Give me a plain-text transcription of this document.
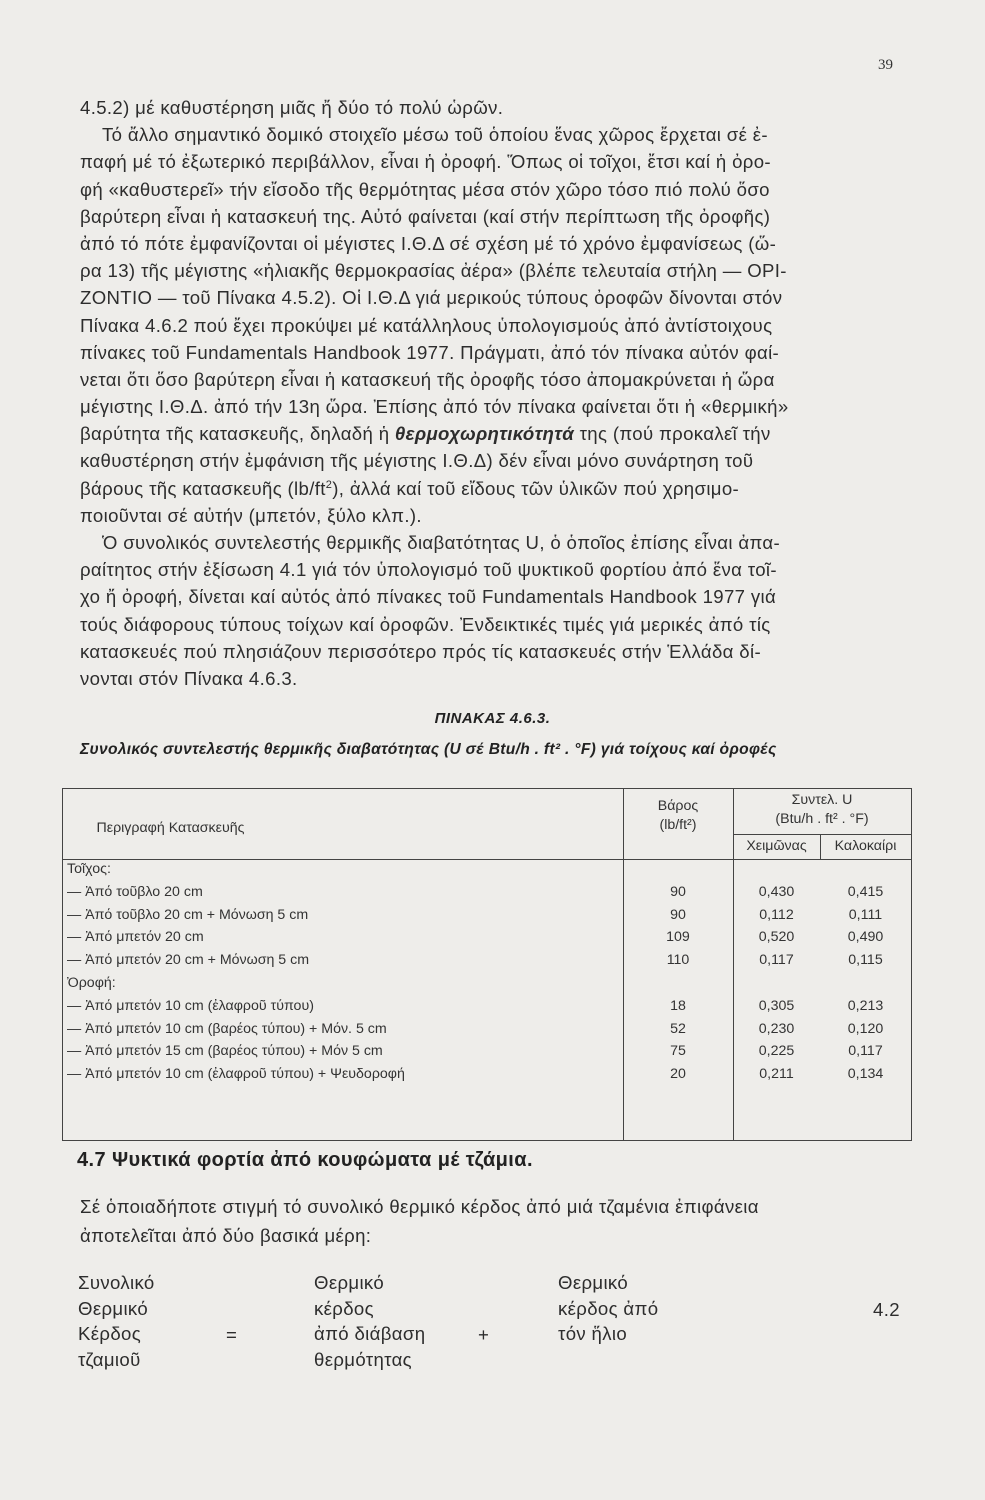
39
4.5.2) μέ καθυστέρηση μιᾶς ἤ δύο τό πολύ ὡρῶν.
Τό ἄλλο σημαντικό δομικό στοιχεῖο μέσω τοῦ ὁποίου ἕνας χῶρος ἔρχεται σέ ἐ-
παφή μέ τό ἐξωτερικό περιβάλλον, εἶναι ἡ ὀροφή. Ὅπως οἱ τοῖχοι, ἔτσι καί ἡ ὀρο-
φή «καθυστερεῖ» τήν εἴσοδο τῆς θερμότητας μέσα στόν χῶρο τόσο πιό πολύ ὅσο
βαρύτερη εἶναι ἡ κατασκευή της. Αὐτό φαίνεται (καί στήν περίπτωση τῆς ὀροφῆς)
ἀπό τό πότε ἐμφανίζονται οἱ μέγιστες Ι.Θ.Δ σέ σχέση μέ τό χρόνο ἐμφανίσεως (ὥ-
ρα 13) τῆς μέγιστης «ἡλιακῆς θερμοκρασίας ἀέρα» (βλέπε τελευταία στήλη — ΟΡΙ-
ΖΟΝΤΙΟ — τοῦ Πίνακα 4.5.2). Οἱ Ι.Θ.Δ γιά μερικούς τύπους ὀροφῶν δίνονται στόν
Πίνακα 4.6.2 πού ἔχει προκύψει μέ κατάλληλους ὑπολογισμούς ἀπό ἀντίστοιχους
πίνακες τοῦ Fundamentals Handbook 1977. Πράγματι, ἀπό τόν πίνακα αὐτόν φαί-
νεται ὅτι ὅσο βαρύτερη εἶναι ἡ κατασκευή τῆς ὀροφῆς τόσο ἀπομακρύνεται ἡ ὥρα
μέγιστης Ι.Θ.Δ. ἀπό τήν 13η ὥρα. Ἐπίσης ἀπό τόν πίνακα φαίνεται ὅτι ἡ «θερμική»
βαρύτητα τῆς κατασκευῆς, δηλαδή ἡ θερμοχωρητικότητά της (πού προκαλεῖ τήν
καθυστέρηση στήν ἐμφάνιση τῆς μέγιστης Ι.Θ.Δ) δέν εἶναι μόνο συνάρτηση τοῦ
βάρους τῆς κατασκευῆς $(lb/ft^2)$, ἀλλά καί τοῦ εἴδους τῶν ὑλικῶν πού χρησιμο-
ποιοῦνται σέ αὐτήν (μπετόν, ξύλο κλπ.).
Ὁ συνολικός συντελεστής θερμικῆς διαβατότητας U, ὁ ὁποῖος ἐπίσης εἶναι ἀπα-
ραίτητος στήν ἐξίσωση 4.1 γιά τόν ὑπολογισμό τοῦ ψυκτικοῦ φορτίου ἀπό ἕνα τοῖ-
χο ἤ ὀροφή, δίνεται καί αὐτός ἀπό πίνακες τοῦ Fundamentals Handbook 1977 γιά
τούς διάφορους τύπους τοίχων καί ὀροφῶν. Ἐνδεικτικές τιμές γιά μερικές ἀπό τίς
κατασκευές πού πλησιάζουν περισσότερο πρός τίς κατασκευές στήν Ἑλλάδα δί-
νονται στόν Πίνακα 4.6.3.
ΠΙΝΑΚΑΣ 4.6.3.
Συνολικός συντελεστής θερμικῆς διαβατότητας (U σέ Btu/h . ft² . °F) γιά τοίχους καί ὀροφές
Περιγραφή Κατασκευῆς
Βάρος
(lb/ft²)
Συντελ. U
(Btu/h . ft² . °F)
Χειμῶνας	Καλοκαίρι
Τοῖχος:
— Ἀπό τοῦβλο 20 cm	90	0,430	0,415
— Ἀπό τοῦβλο 20 cm + Μόνωση 5 cm	90	0,112	0,111
— Ἀπό μπετόν 20 cm	109	0,520	0,490
— Ἀπό μπετόν 20 cm + Μόνωση 5 cm	110	0,117	0,115
Ὀροφή:
— Ἀπό μπετόν 10 cm (ἐλαφροῦ τύπου)	18	0,305	0,213
— Ἀπό μπετόν 10 cm (βαρέος τύπου) + Μόν. 5 cm	52	0,230	0,120
— Ἀπό μπετόν 15 cm (βαρέος τύπου) + Μόν 5 cm	75	0,225	0,117
— Ἀπό μπετόν 10 cm (ἐλαφροῦ τύπου) + Ψευδοροφή	20	0,211	0,134
4.7 Ψυκτικά φορτία ἀπό κουφώματα μέ τζάμια.
Σέ ὁποιαδήποτε στιγμή τό συνολικό θερμικό κέρδος ἀπό μιά τζαμένια ἐπιφάνεια
ἀποτελεῖται ἀπό δύο βασικά μέρη:
Συνολικό
Θερμικό
Κέρδος
τζαμιοῦ
=
Θερμικό
κέρδος
ἀπό διάβαση
θερμότητας
+
Θερμικό
κέρδος ἀπό
τόν ἥλιο
4.2
